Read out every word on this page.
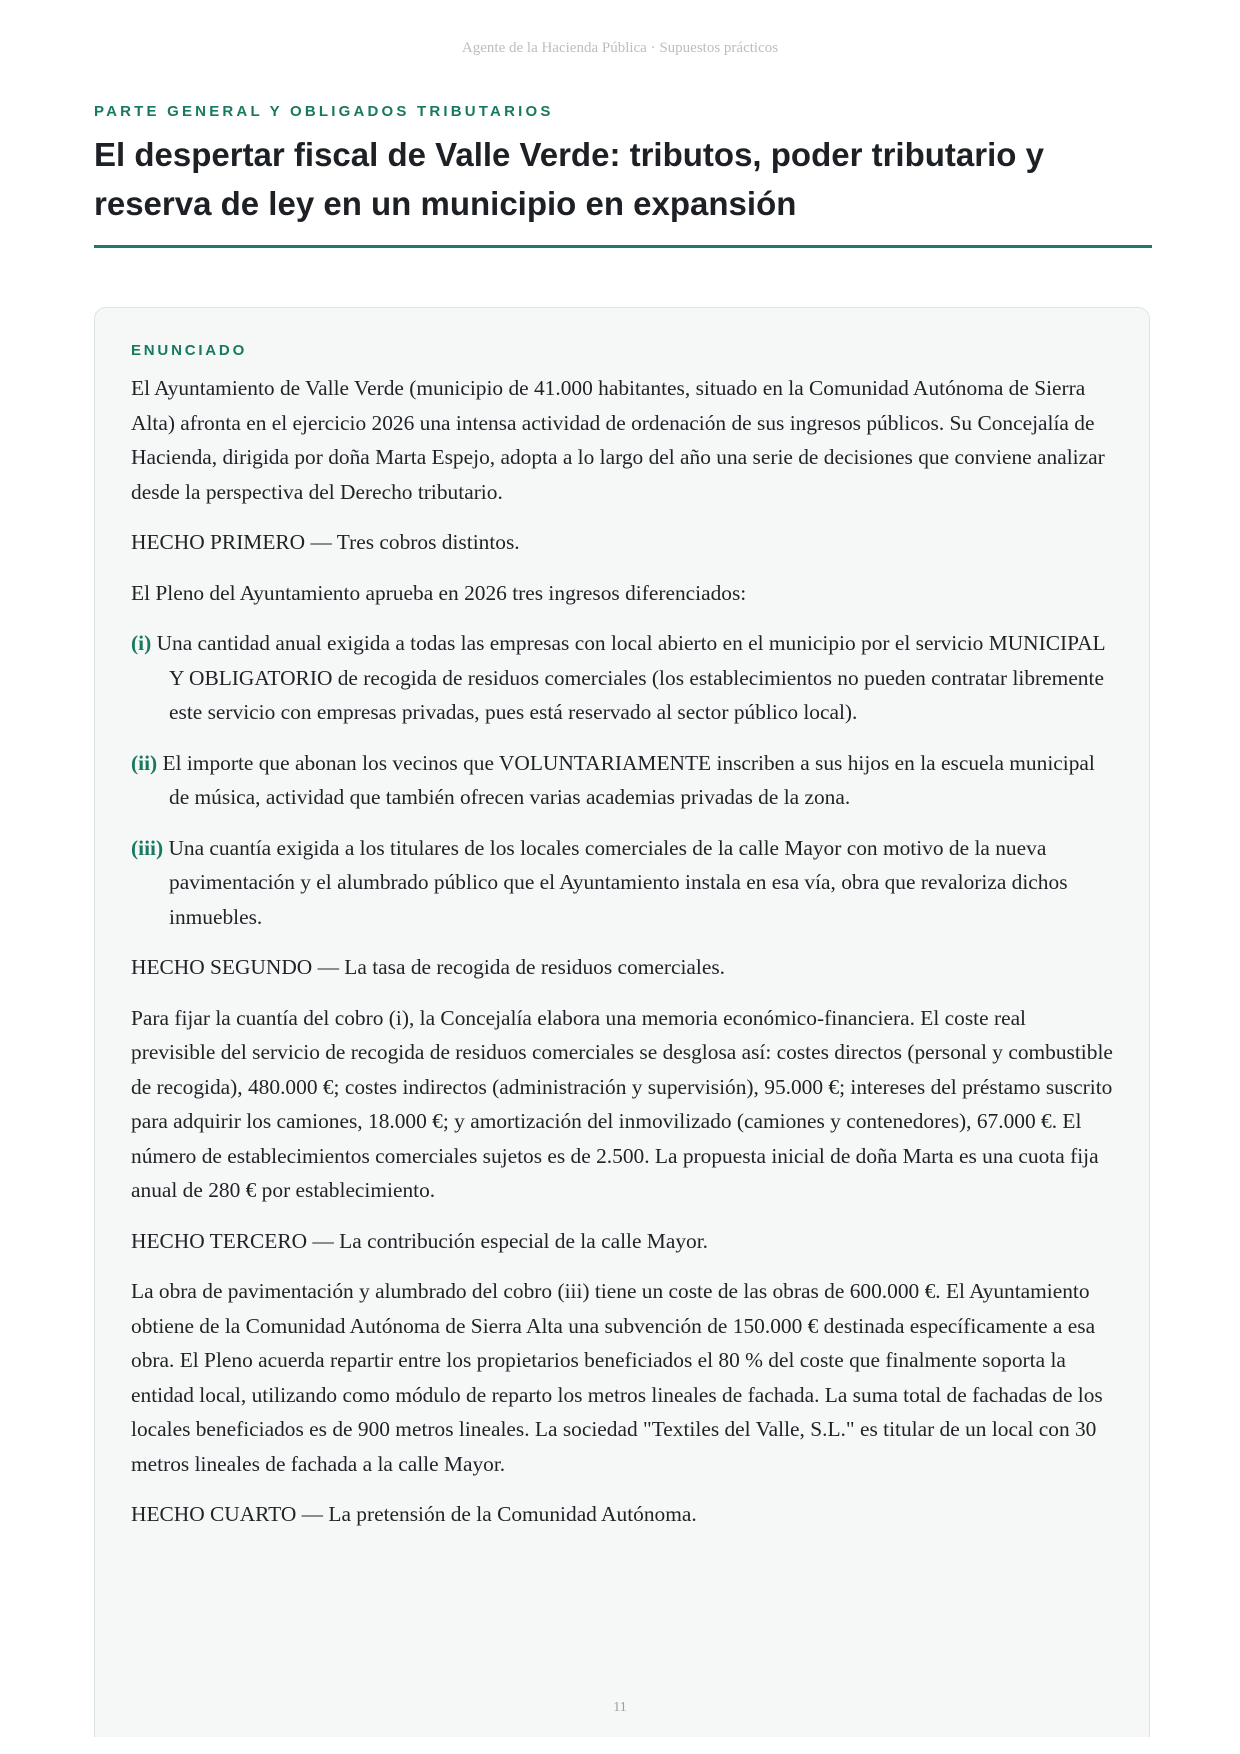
Agente de la Hacienda Pública · Supuestos prácticos
PARTE GENERAL Y OBLIGADOS TRIBUTARIOS
El despertar fiscal de Valle Verde: tributos, poder tributario y reserva de ley en un municipio en expansión
ENUNCIADO

El Ayuntamiento de Valle Verde (municipio de 41.000 habitantes, situado en la Comunidad Autónoma de Sierra Alta) afronta en el ejercicio 2026 una intensa actividad de ordenación de sus ingresos públicos. Su Concejalía de Hacienda, dirigida por doña Marta Espejo, adopta a lo largo del año una serie de decisiones que conviene analizar desde la perspectiva del Derecho tributario.

HECHO PRIMERO — Tres cobros distintos.

El Pleno del Ayuntamiento aprueba en 2026 tres ingresos diferenciados:

(i) Una cantidad anual exigida a todas las empresas con local abierto en el municipio por el servicio MUNICIPAL Y OBLIGATORIO de recogida de residuos comerciales (los establecimientos no pueden contratar libremente este servicio con empresas privadas, pues está reservado al sector público local).

(ii) El importe que abonan los vecinos que VOLUNTARIAMENTE inscriben a sus hijos en la escuela municipal de música, actividad que también ofrecen varias academias privadas de la zona.

(iii) Una cuantía exigida a los titulares de los locales comerciales de la calle Mayor con motivo de la nueva pavimentación y el alumbrado público que el Ayuntamiento instala en esa vía, obra que revaloriza dichos inmuebles.

HECHO SEGUNDO — La tasa de recogida de residuos comerciales.

Para fijar la cuantía del cobro (i), la Concejalía elabora una memoria económico-financiera. El coste real previsible del servicio de recogida de residuos comerciales se desglosa así: costes directos (personal y combustible de recogida), 480.000 €; costes indirectos (administración y supervisión), 95.000 €; intereses del préstamo suscrito para adquirir los camiones, 18.000 €; y amortización del inmovilizado (camiones y contenedores), 67.000 €. El número de establecimientos comerciales sujetos es de 2.500. La propuesta inicial de doña Marta es una cuota fija anual de 280 € por establecimiento.

HECHO TERCERO — La contribución especial de la calle Mayor.

La obra de pavimentación y alumbrado del cobro (iii) tiene un coste de las obras de 600.000 €. El Ayuntamiento obtiene de la Comunidad Autónoma de Sierra Alta una subvención de 150.000 € destinada específicamente a esa obra. El Pleno acuerda repartir entre los propietarios beneficiados el 80 % del coste que finalmente soporta la entidad local, utilizando como módulo de reparto los metros lineales de fachada. La suma total de fachadas de los locales beneficiados es de 900 metros lineales. La sociedad "Textiles del Valle, S.L." es titular de un local con 30 metros lineales de fachada a la calle Mayor.

HECHO CUARTO — La pretensión de la Comunidad Autónoma.

11
